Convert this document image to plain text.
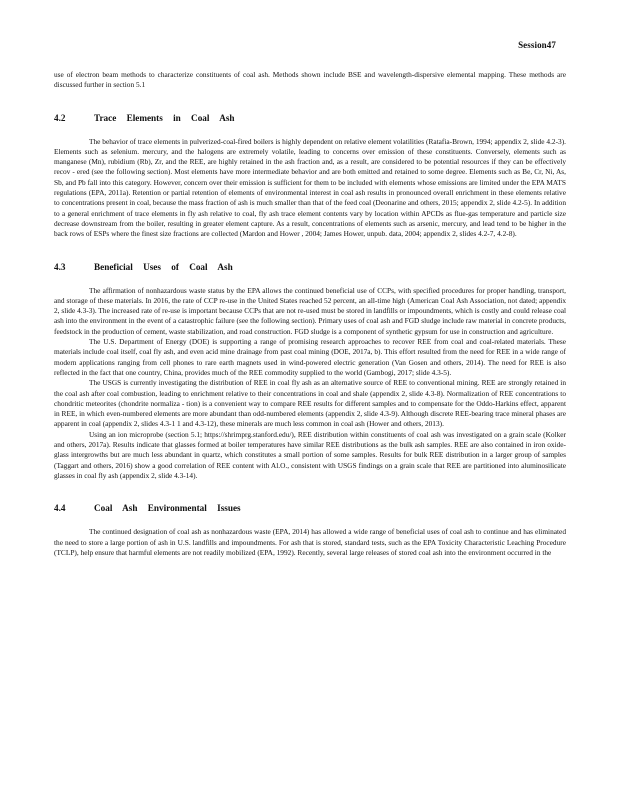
Session47

use of electron beam methods to characterize constituents of coal ash. Methods shown include BSE and wavelength-dispersive elemental mapping. These methods are discussed further in section 5.1

4.2	Trace Elements in Coal Ash

The behavior of trace elements in pulverized-coal-fired boilers is highly dependent on relative element volatilities (Ratafia-Brown, 1994; appendix 2, slide 4.2-3). Elements such as selenium. mercury, and the halogens are extremely volatile, leading to concerns over emission of these constituents. Conversely, elements such as manganese (Mn), rubidium (Rb), Zr, and the REE, are highly retained in the ash fraction and, as a result, are considered to be potential resources if they can be effectively recov - ered (see the following section). Most elements have more intermediate behavior and are both emitted and retained to some degree. Elements such as Be, Cr, Ni, As, Sb, and Pb fall into this category. However, concern over their emission is sufficient for them to be included with elements whose emissions are limited under the EPA MATS regulations (EPA, 2011a). Retention or partial retention of elements of environmental interest in coal ash results in pronounced overall enrichment in these elements relative to concentrations present in coal, because the mass fraction of ash is much smaller than that of the feed coal (Deonarine and others, 2015; appendix 2, slide 4.2-5). In addition to a general enrichment of trace elements in fly ash relative to coal, fly ash trace element contents vary by location within APCDs as flue-gas temperature and particle size decrease downstream from the boiler, resulting in greater element capture. As a result, concentrations of elements such as arsenic, mercury, and lead tend to be higher in the back rows of ESPs where the finest size fractions are collected (Mardon and Hower , 2004; James Hower, unpub. data, 2004; appendix 2, slides 4.2-7, 4.2-8).

4.3	Beneficial Uses of Coal Ash

The affirmation of nonhazardous waste status by the EPA allows the continued beneficial use of CCPs, with specified procedures for proper handling, transport, and storage of these materials. In 2016, the rate of CCP re-use in the United States reached 52 percent, an all-time high (American Coal Ash Association, not dated; appendix 2, slide 4.3-3). The increased rate of re-use is important because CCPs that are not re-used must be stored in landfills or impoundments, which is costly and could release coal ash into the environment in the event of a catastrophic failure (see the following section). Primary uses of coal ash and FGD sludge include raw material in concrete products, feedstock in the production of cement, waste stabilization, and road construction. FGD sludge is a component of synthetic gypsum for use in construction and agriculture.

The U.S. Department of Energy (DOE) is supporting a range of promising research approaches to recover REE from coal and coal-related materials. These materials include coal itself, coal fly ash, and even acid mine drainage from past coal mining (DOE, 2017a, b). This effort resulted from the need for REE in a wide range of modern applications ranging from cell phones to rare earth magnets used in wind-powered electric generation (Van Gosen and others, 2014). The need for REE is also reflected in the fact that one country, China, provides much of the REE commodity supplied to the world (Gambogi, 2017; slide 4.3-5).

The USGS is currently investigating the distribution of REE in coal fly ash as an alternative source of REE to conventional mining. REE are strongly retained in the coal ash after coal combustion, leading to enrichment relative to their concentrations in coal and shale (appendix 2, slide 4.3-8). Normalization of REE concentrations to chondritic meteorites (chondrite normaliza - tion) is a convenient way to compare REE results for different samples and to compensate for the Oddo-Harkins effect, apparent in REE, in which even-numbered elements are more abundant than odd-numbered elements (appendix 2, slide 4.3-9). Although discrete REE-bearing trace mineral phases are apparent in coal (appendix 2, slides 4.3-1 1 and 4.3-12), these minerals are much less common in coal ash (Hower and others, 2013).

Using an ion microprobe (section 5.1; https://shrimprg.stanford.edu/), REE distribution within constituents of coal ash was investigated on a grain scale (Kolker and others, 2017a). Results indicate that glasses formed at boiler temperatures have similar REE distributions as the bulk ash samples. REE are also contained in iron oxide-glass intergrowths but are much less abundant in quartz, which constitutes a small portion of some samples. Results for bulk REE distribution in a larger group of samples (Taggart and others, 2016) show a good correlation of REE content with Al.O., consistent with USGS findings on a grain scale that REE are partitioned into aluminosilicate glasses in coal fly ash (appendix 2, slide 4.3-14).

4.4	Coal Ash Environmental Issues

The continued designation of coal ash as nonhazardous waste (EPA, 2014) has allowed a wide range of beneficial uses of coal ash to continue and has eliminated the need to store a large portion of ash in U.S. landfills and impoundments. For ash that is stored, standard tests, such as the EPA Toxicity Characteristic Leaching Procedure (TCLP), help ensure that harmful elements are not readily mobilized (EPA, 1992). Recently, several large releases of stored coal ash into the environment occurred in the
